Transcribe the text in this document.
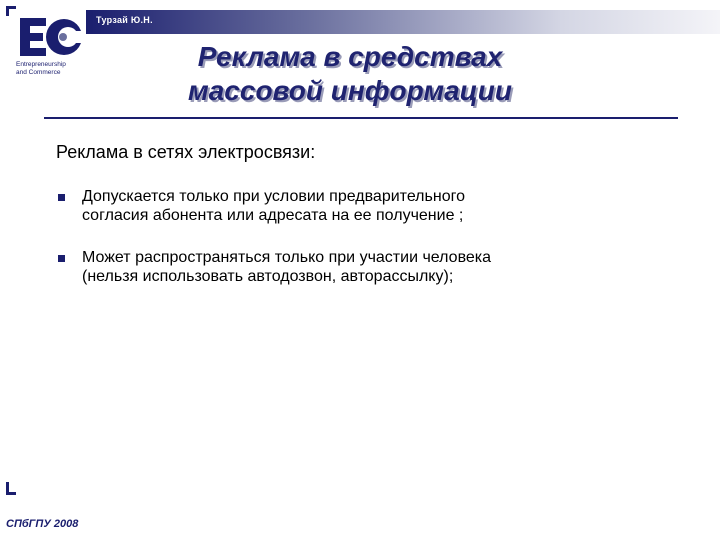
Турзай Ю.Н.
Entrepreneurship
and Commerce
Реклама в средствах
массовой информации
Реклама в сетях электросвязи:
Допускается только при условии предварительного
согласия абонента или адресата на ее получение ;
Может распространяться только при участии человека
(нельзя использовать автодозвон, авторассылку);
СПбГПУ 2008
